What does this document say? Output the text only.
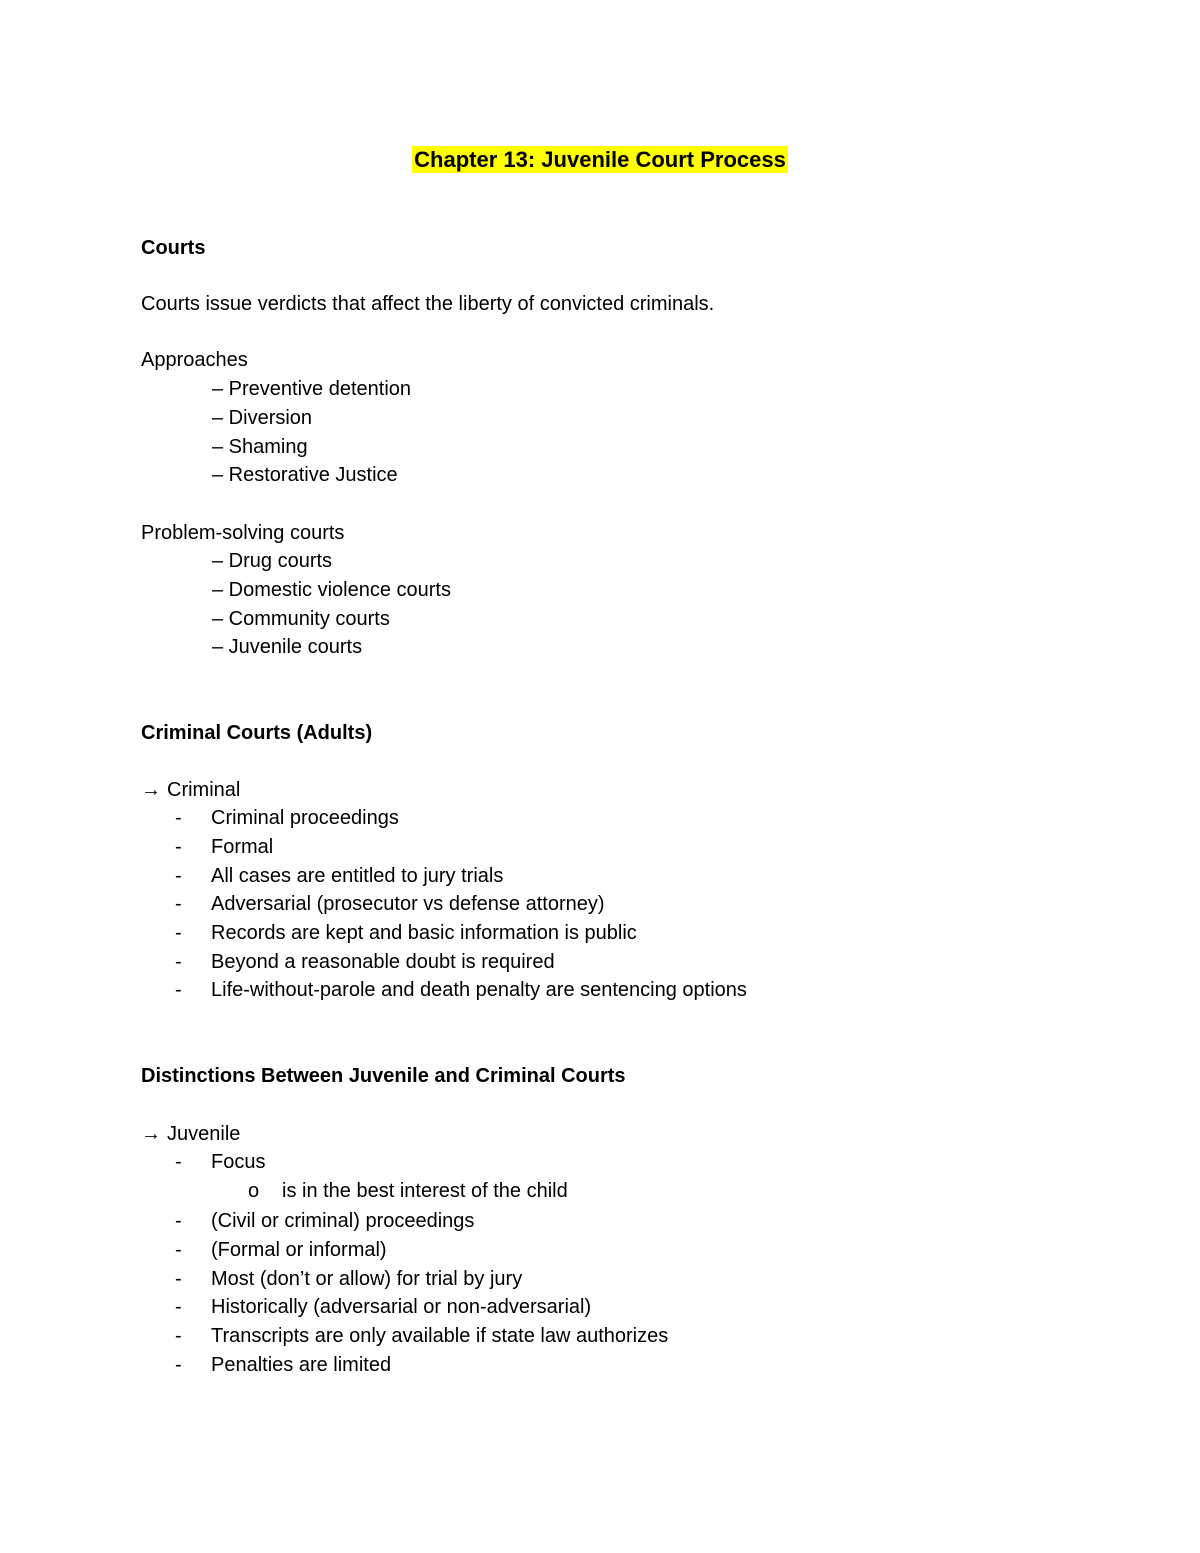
Chapter 13: Juvenile Court Process
Courts
Courts issue verdicts that affect the liberty of convicted criminals.
Approaches
– Preventive detention
– Diversion
– Shaming
– Restorative Justice
Problem-solving courts
– Drug courts
– Domestic violence courts
– Community courts
– Juvenile courts
Criminal Courts (Adults)
→ Criminal
- Criminal proceedings
- Formal
- All cases are entitled to jury trials
- Adversarial (prosecutor vs defense attorney)
- Records are kept and basic information is public
- Beyond a reasonable doubt is required
- Life-without-parole and death penalty are sentencing options
Distinctions Between Juvenile and Criminal Courts
→ Juvenile
- Focus
o is in the best interest of the child
- (Civil or criminal) proceedings
- (Formal or informal)
- Most (don’t or allow) for trial by jury
- Historically (adversarial or non-adversarial)
- Transcripts are only available if state law authorizes
- Penalties are limited
